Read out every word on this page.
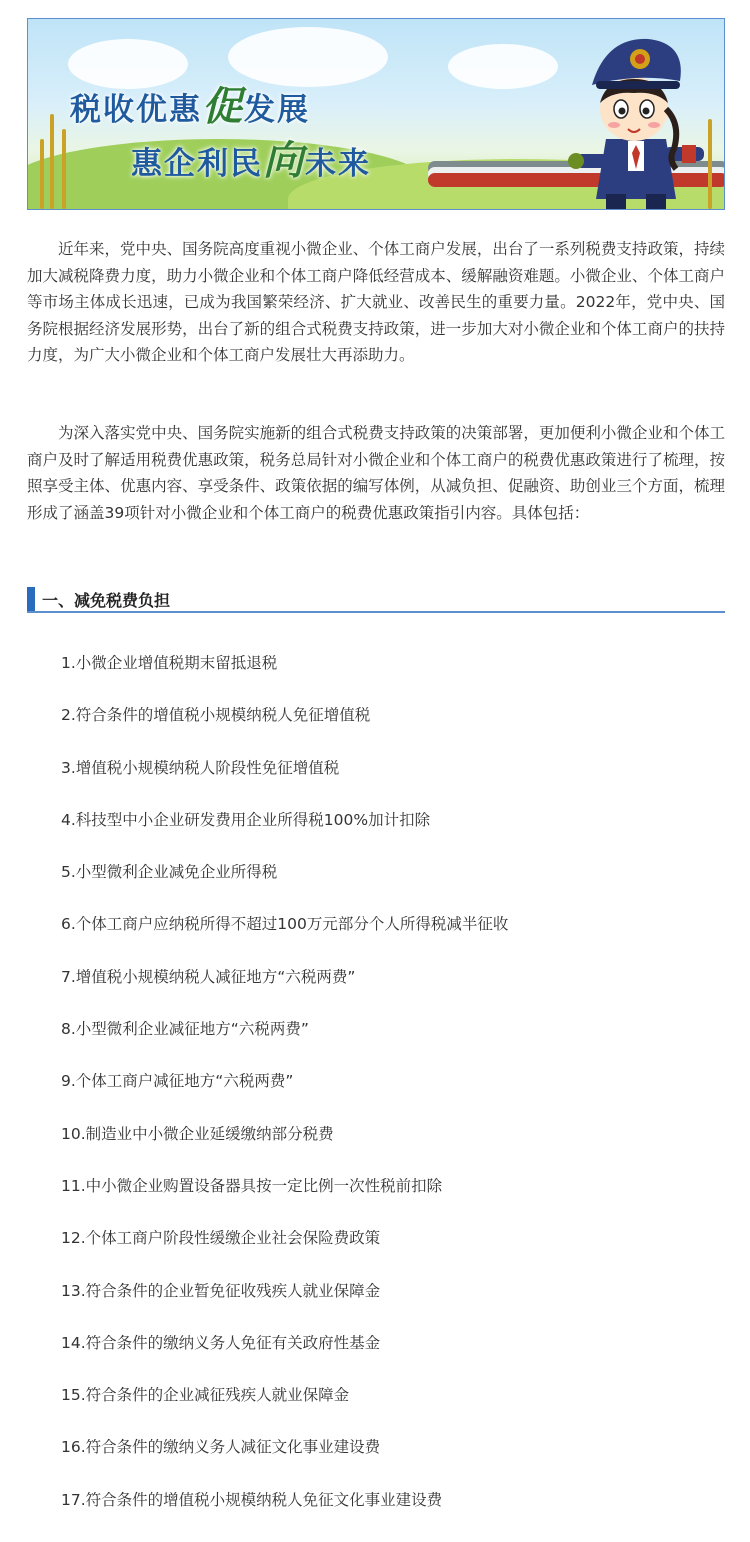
税收优惠促发展
惠企利民向未来

近年来，党中央、国务院高度重视小微企业、个体工商户发展，出台了一系列税费支持政策，持续加大减税降费力度，助力小微企业和个体工商户降低经营成本、缓解融资难题。小微企业、个体工商户等市场主体成长迅速，已成为我国繁荣经济、扩大就业、改善民生的重要力量。2022年，党中央、国务院根据经济发展形势，出台了新的组合式税费支持政策，进一步加大对小微企业和个体工商户的扶持力度，为广大小微企业和个体工商户发展壮大再添助力。

为深入落实党中央、国务院实施新的组合式税费支持政策的决策部署，更加便利小微企业和个体工商户及时了解适用税费优惠政策，税务总局针对小微企业和个体工商户的税费优惠政策进行了梳理，按照享受主体、优惠内容、享受条件、政策依据的编写体例，从减负担、促融资、助创业三个方面，梳理形成了涵盖39项针对小微企业和个体工商户的税费优惠政策指引内容。具体包括：

一、减免税费负担
1.小微企业增值税期末留抵退税
2.符合条件的增值税小规模纳税人免征增值税
3.增值税小规模纳税人阶段性免征增值税
4.科技型中小企业研发费用企业所得税100%加计扣除
5.小型微利企业减免企业所得税
6.个体工商户应纳税所得不超过100万元部分个人所得税减半征收
7.增值税小规模纳税人减征地方“六税两费”
8.小型微利企业减征地方“六税两费”
9.个体工商户减征地方“六税两费”
10.制造业中小微企业延缓缴纳部分税费
11.中小微企业购置设备器具按一定比例一次性税前扣除
12.个体工商户阶段性缓缴企业社会保险费政策
13.符合条件的企业暂免征收残疾人就业保障金
14.符合条件的缴纳义务人免征有关政府性基金
15.符合条件的企业减征残疾人就业保障金
16.符合条件的缴纳义务人减征文化事业建设费
17.符合条件的增值税小规模纳税人免征文化事业建设费
